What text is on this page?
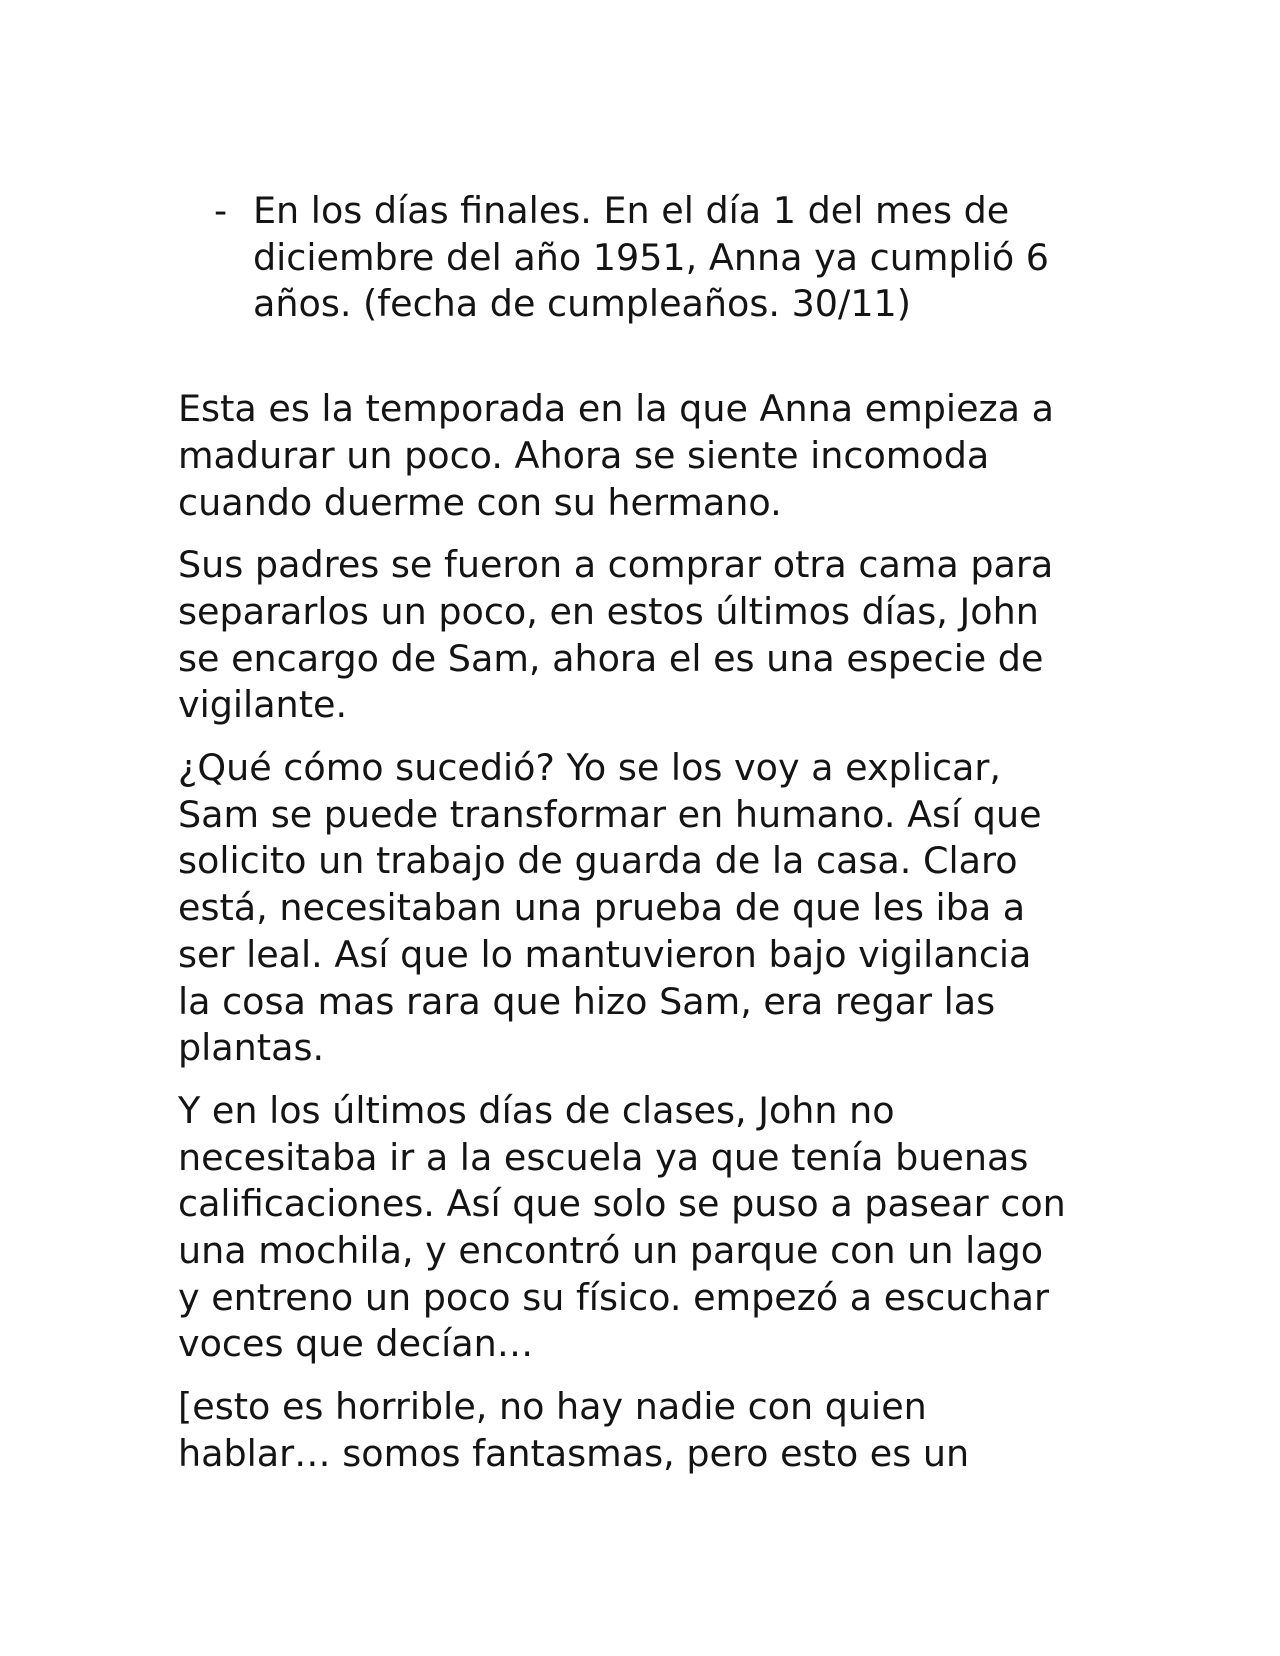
- En los días finales. En el día 1 del mes de
diciembre del año 1951, Anna ya cumplió 6
años. (fecha de cumpleaños. 30/11)
Esta es la temporada en la que Anna empieza a
madurar un poco. Ahora se siente incomoda
cuando duerme con su hermano.
Sus padres se fueron a comprar otra cama para
separarlos un poco, en estos últimos días, John
se encargo de Sam, ahora el es una especie de
vigilante.
¿Qué cómo sucedió? Yo se los voy a explicar,
Sam se puede transformar en humano. Así que
solicito un trabajo de guarda de la casa. Claro
está, necesitaban una prueba de que les iba a
ser leal. Así que lo mantuvieron bajo vigilancia
la cosa mas rara que hizo Sam, era regar las
plantas.
Y en los últimos días de clases, John no
necesitaba ir a la escuela ya que tenía buenas
calificaciones. Así que solo se puso a pasear con
una mochila, y encontró un parque con un lago
y entreno un poco su físico. empezó a escuchar
voces que decían…
[esto es horrible, no hay nadie con quien
hablar… somos fantasmas, pero esto es un
